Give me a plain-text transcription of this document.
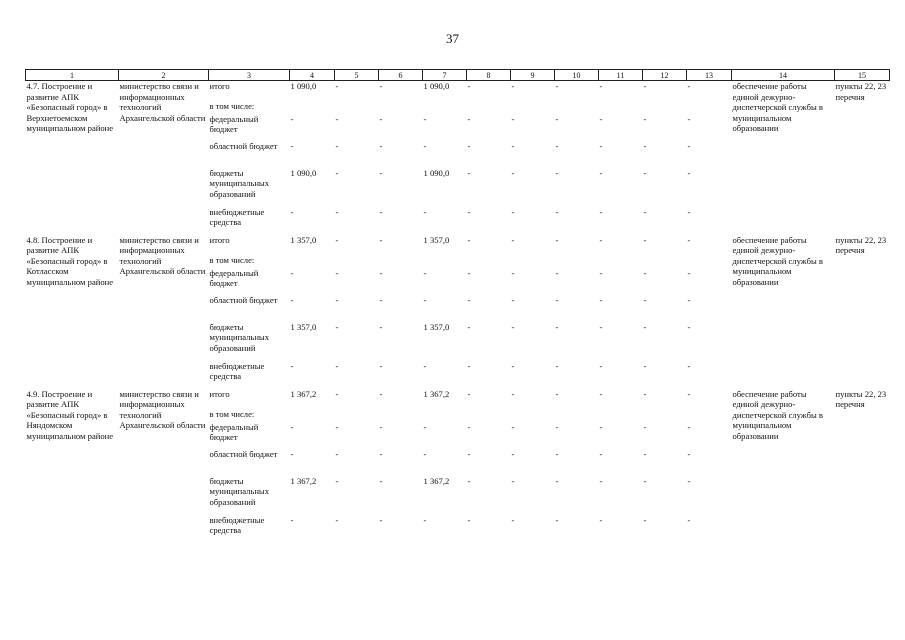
37
1	2	3	4	5	6	7	8	9	10	11	12	13	14	15
4.7. Построение и развитие АПК «Безопасный город» в Верхнетоемском муниципальном районе	министерство связи и информационных технологий Архангельской области	итого	1 090,0	-	-	1 090,0	-	-	-	-	-	-	обеспечение работы единой дежурно-диспетчерской службы в муниципальном образовании	пункты 22, 23 перечня
		в том числе:												
		федеральный бюджет	-	-	-	-	-	-	-	-	-	-		
		областной бюджет	-	-	-	-	-	-	-	-	-	-		
		бюджеты муниципальных образований	1 090,0	-	-	1 090,0	-	-	-	-	-	-		
		внебюджетные средства	-	-	-	-	-	-	-	-	-	-		
4.8. Построение и развитие АПК «Безопасный город» в Котласском муниципальном районе	министерство связи и информационных технологий Архангельской области	итого	1 357,0	-	-	1 357,0	-	-	-	-	-	-	обеспечение работы единой дежурно-диспетчерской службы в муниципальном образовании	пункты 22, 23 перечня
		в том числе:												
		федеральный бюджет	-	-	-	-	-	-	-	-	-	-		
		областной бюджет	-	-	-	-	-	-	-	-	-	-		
		бюджеты муниципальных образований	1 357,0	-	-	1 357,0	-	-	-	-	-	-		
		внебюджетные средства	-	-	-	-	-	-	-	-	-	-		
4.9. Построение и развитие АПК «Безопасный город» в Няндомском муниципальном районе	министерство связи и информационных технологий Архангельской области	итого	1 367,2	-	-	1 367,2	-	-	-	-	-	-	обеспечение работы единой дежурно-диспетчерской службы в муниципальном образовании	пункты 22, 23 перечня
		в том числе:												
		федеральный бюджет	-	-	-	-	-	-	-	-	-	-		
		областной бюджет	-	-	-	-	-	-	-	-	-	-		
		бюджеты муниципальных образований	1 367,2	-	-	1 367,2	-	-	-	-	-	-		
		внебюджетные средства	-	-	-	-	-	-	-	-	-	-		
